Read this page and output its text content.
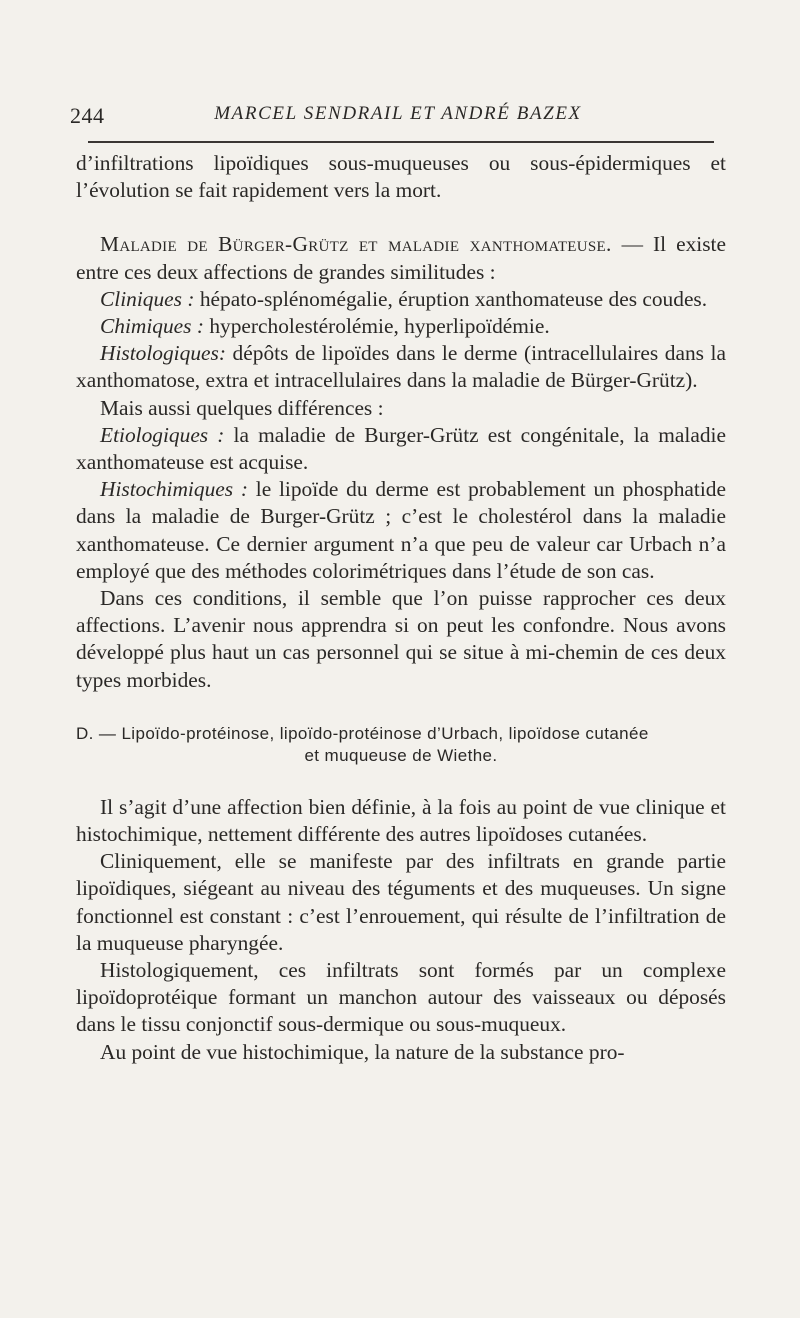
244	MARCEL SENDRAIL ET ANDRÉ BAZEX

d’infiltrations lipoïdiques sous-muqueuses ou sous-épidermiques et l’évolution se fait rapidement vers la mort.

Maladie de Bürger-Grütz et maladie xanthomateuse. — Il existe entre ces deux affections de grandes similitudes :

Cliniques : hépato-splénomégalie, éruption xanthomateuse des coudes.

Chimiques : hypercholestérolémie, hyperlipoïdémie.

Histologiques: dépôts de lipoïdes dans le derme (intracellulaires dans la xanthomatose, extra et intracellulaires dans la maladie de Bürger-Grütz).

Mais aussi quelques différences :

Etiologiques : la maladie de Burger-Grütz est congénitale, la maladie xanthomateuse est acquise.

Histochimiques : le lipoïde du derme est probablement un phosphatide dans la maladie de Burger-Grütz ; c’est le cholestérol dans la maladie xanthomateuse. Ce dernier argument n’a que peu de valeur car Urbach n’a employé que des méthodes colorimétriques dans l’étude de son cas.

Dans ces conditions, il semble que l’on puisse rapprocher ces deux affections. L’avenir nous apprendra si on peut les confondre. Nous avons développé plus haut un cas personnel qui se situe à mi-chemin de ces deux types morbides.

D. — Lipoïdo-protéinose, lipoïdo-protéinose d’Urbach, lipoïdose cutanée
et muqueuse de Wiethe.

Il s’agit d’une affection bien définie, à la fois au point de vue clinique et histochimique, nettement différente des autres lipoïdoses cutanées.

Cliniquement, elle se manifeste par des infiltrats en grande partie lipoïdiques, siégeant au niveau des téguments et des muqueuses. Un signe fonctionnel est constant : c’est l’enrouement, qui résulte de l’infiltration de la muqueuse pharyngée.

Histologiquement, ces infiltrats sont formés par un complexe lipoïdoprotéique formant un manchon autour des vaisseaux ou déposés dans le tissu conjonctif sous-dermique ou sous-muqueux.

Au point de vue histochimique, la nature de la substance pro-
